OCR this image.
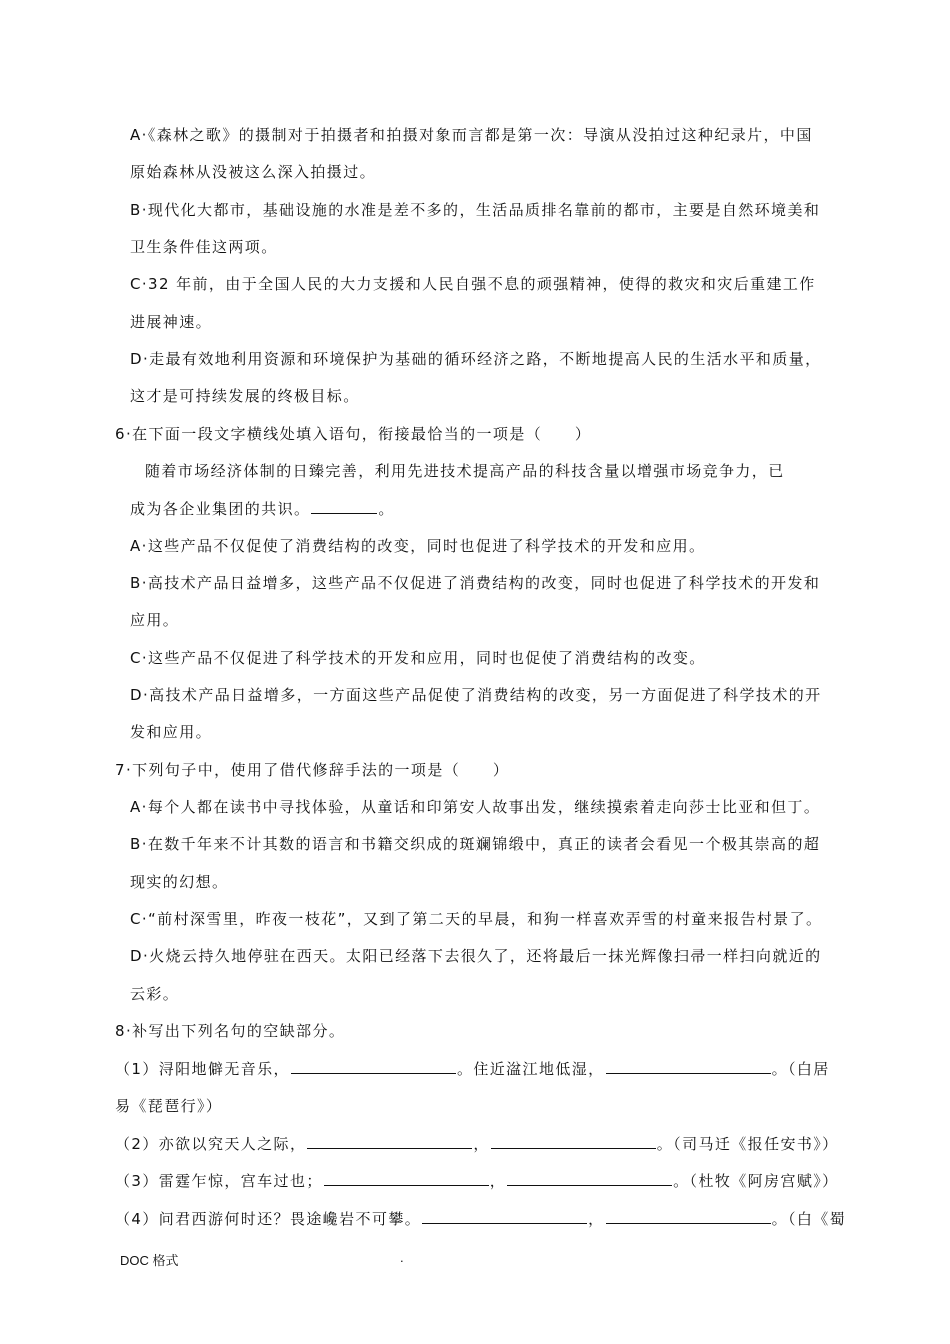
A·《森林之歌》的摄制对于拍摄者和拍摄对象而言都是第一次：导演从没拍过这种纪录片，中国
原始森林从没被这么深入拍摄过。
B·现代化大都市，基础设施的水准是差不多的，生活品质排名靠前的都市，主要是自然环境美和
卫生条件佳这两项。
C·32 年前，由于全国人民的大力支援和人民自强不息的顽强精神，使得的救灾和灾后重建工作
进展神速。
D·走最有效地利用资源和环境保护为基础的循环经济之路，不断地提高人民的生活水平和质量，
这才是可持续发展的终极目标。
6·在下面一段文字横线处填入语句，衔接最恰当的一项是（　　）
随着市场经济体制的日臻完善，利用先进技术提高产品的科技含量以增强市场竞争力，已
成为各企业集团的共识。	。
A·这些产品不仅促使了消费结构的改变，同时也促进了科学技术的开发和应用。
B·高技术产品日益增多，这些产品不仅促进了消费结构的改变，同时也促进了科学技术的开发和
应用。
C·这些产品不仅促进了科学技术的开发和应用，同时也促使了消费结构的改变。
D·高技术产品日益增多，一方面这些产品促使了消费结构的改变，另一方面促进了科学技术的开
发和应用。
7·下列句子中，使用了借代修辞手法的一项是（　　）
A·每个人都在读书中寻找体验，从童话和印第安人故事出发，继续摸索着走向莎士比亚和但丁。
B·在数千年来不计其数的语言和书籍交织成的斑斓锦缎中，真正的读者会看见一个极其崇高的超
现实的幻想。
C·“前村深雪里，昨夜一枝花”，又到了第二天的早晨，和狗一样喜欢弄雪的村童来报告村景了。
D·火烧云持久地停驻在西天。太阳已经落下去很久了，还将最后一抹光辉像扫帚一样扫向就近的
云彩。
8·补写出下列名句的空缺部分。
（1）浔阳地僻无音乐，	。住近湓江地低湿，	。（白居
易《琵琶行》）
（2）亦欲以究天人之际，	，	。（司马迁《报任安书》）
（3）雷霆乍惊，宫车过也；	，	。（杜牧《阿房宫赋》）
（4）问君西游何时还？畏途巉岩不可攀。	，	。（白《蜀
DOC 格式	.
